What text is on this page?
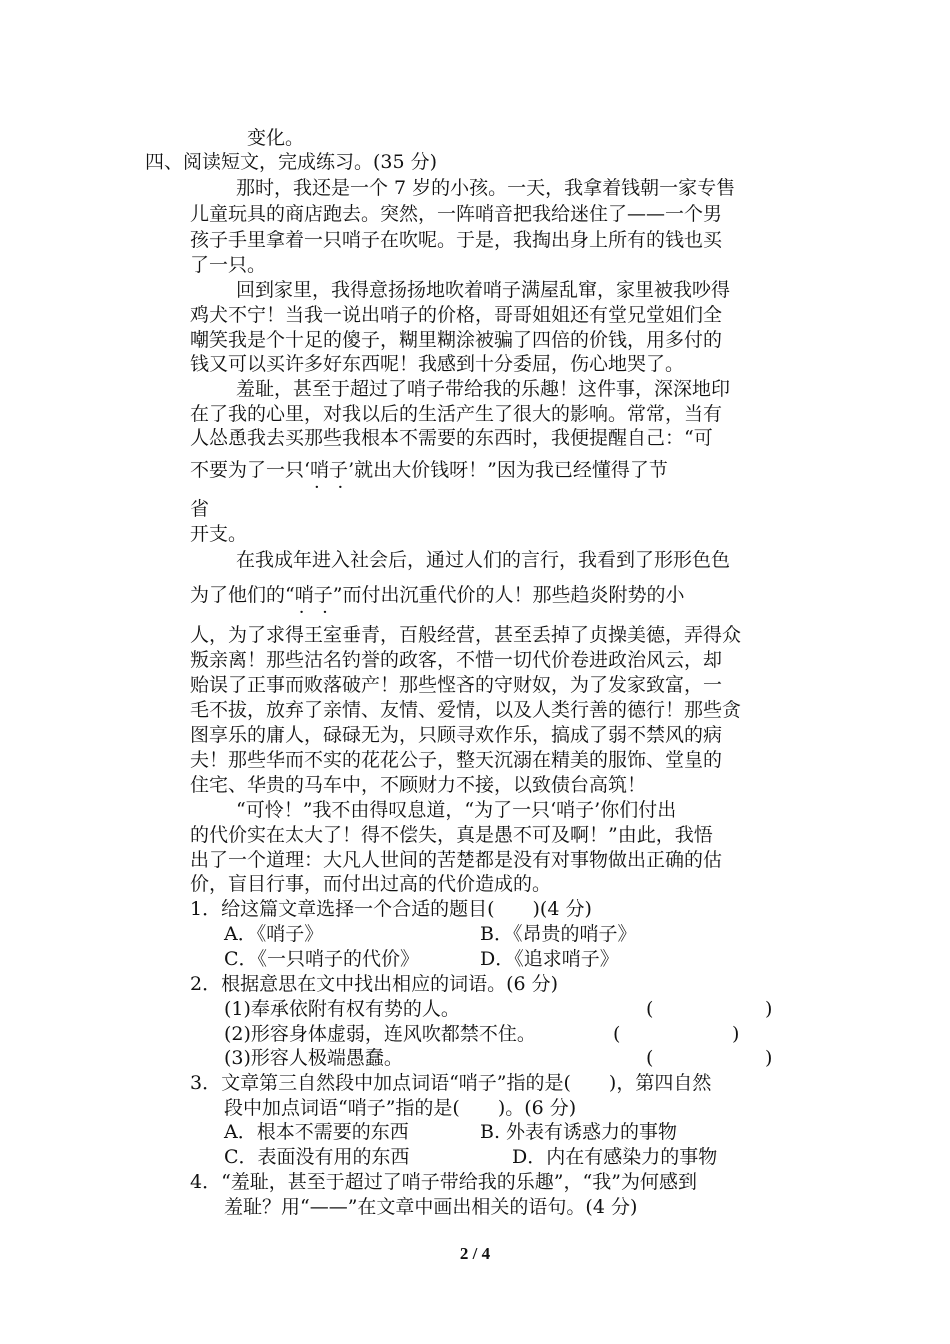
变化。
四、阅读短文，完成练习。(35 分)
那时，我还是一个 7 岁的小孩。一天，我拿着钱朝一家专售
儿童玩具的商店跑去。突然，一阵哨音把我给迷住了——一个男
孩子手里拿着一只哨子在吹呢。于是，我掏出身上所有的钱也买
了一只。
回到家里，我得意扬扬地吹着哨子满屋乱窜，家里被我吵得
鸡犬不宁！当我一说出哨子的价格，哥哥姐姐还有堂兄堂姐们全
嘲笑我是个十足的傻子，糊里糊涂被骗了四倍的价钱，用多付的
钱又可以买许多好东西呢！我感到十分委屈，伤心地哭了。
羞耻，甚至于超过了哨子带给我的乐趣！这件事，深深地印
在了我的心里，对我以后的生活产生了很大的影响。常常，当有
人怂恿我去买那些我根本不需要的东西时，我便提醒自己：“可
不要为了一只‘哨子 · ·’就出大价钱呀！”因为我已经懂得了节
省
开支。
在我成年进入社会后，通过人们的言行，我看到了形形色色
为了他们的“哨子 · ·”而付出沉重代价的人！那些趋炎附势的小
人，为了求得王室垂青，百般经营，甚至丢掉了贞操美德，弄得众
叛亲离！那些沽名钓誉的政客，不惜一切代价卷进政治风云，却
贻误了正事而败落破产！那些悭吝的守财奴，为了发家致富，一
毛不拔，放弃了亲情、友情、爱情，以及人类行善的德行！那些贪
图享乐的庸人，碌碌无为，只顾寻欢作乐，搞成了弱不禁风的病
夫！那些华而不实的花花公子，整天沉溺在精美的服饰、堂皇的
住宅、华贵的马车中，不顾财力不接，以致债台高筑！
“可怜！”我不由得叹息道，“为了一只‘哨子’你们付出
的代价实在太大了！得不偿失，真是愚不可及啊！”由此，我悟
出了一个道理：大凡人世间的苦楚都是没有对事物做出正确的估
价，盲目行事，而付出过高的代价造成的。
1．给这篇文章选择一个合适的题目(　　)(4 分)
A．《哨子》	B．《昂贵的哨子》
C．《一只哨子的代价》	D．《追求哨子》
2．根据意思在文中找出相应的词语。(6 分)
(1)奉承依附有权有势的人。	(	)
(2)形容身体虚弱，连风吹都禁不住。	(	)
(3)形容人极端愚蠢。	(	)
3．文章第三自然段中加点词语“哨子”指的是(　　)，第四自然
段中加点词语“哨子”指的是(　　)。(6 分)
A．根本不需要的东西	B. 外表有诱惑力的事物
C．表面没有用的东西	D．内在有感染力的事物
4．“羞耻，甚至于超过了哨子带给我的乐趣”，“我”为何感到
羞耻？用“——”在文章中画出相关的语句。(4 分)
2 / 4
